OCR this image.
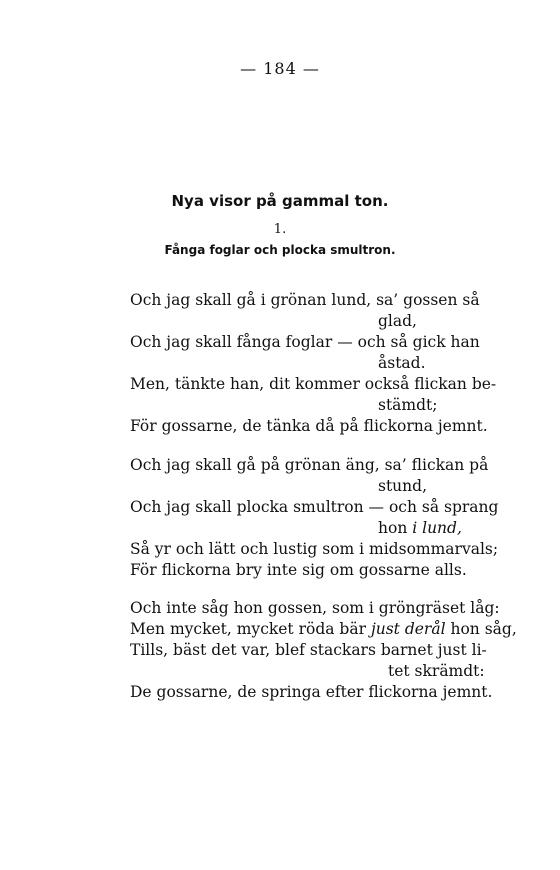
— 184 —
Nya visor på gammal ton.
1.
Fånga foglar och plocka smultron.
Och jag skall gå i grönan lund, sa’ gossen så
glad,
Och jag skall fånga foglar — och så gick han
åstad.
Men, tänkte han, dit kommer också flickan be-
stämdt;
För gossarne, de tänka då på flickorna jemnt.
Och jag skall gå på grönan äng, sa’ flickan på
stund,
Och jag skall plocka smultron — och så sprang
hon i lund,
Så yr och lätt och lustig som i midsommarvals;
För flickorna bry inte sig om gossarne alls.
Och inte såg hon gossen, som i gröngräset låg:
Men mycket, mycket röda bär just derål hon såg,
Tills, bäst det var, blef stackars barnet just li-
tet skrämdt:
De gossarne, de springa efter flickorna jemnt.
